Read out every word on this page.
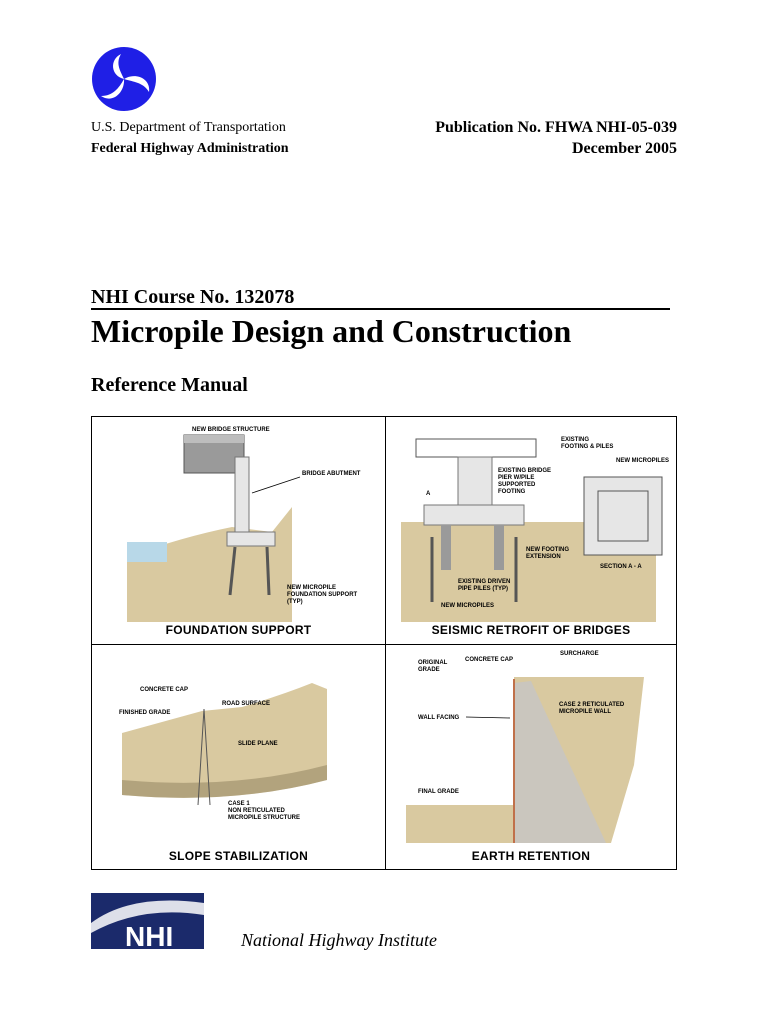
U.S. Department of Transportation
Federal Highway Administration
Publication No. FHWA NHI-05-039
December 2005
NHI Course No. 132078
Micropile Design and Construction
Reference Manual
NEW BRIDGE STRUCTURE
BRIDGE ABUTMENT
NEW MICROPILE
FOUNDATION SUPPORT
(TYP)
FOUNDATION SUPPORT
EXISTING
FOOTING & PILES
NEW MICROPILES
EXISTING BRIDGE
PIER W/PILE
SUPPORTED
FOOTING
A
NEW FOOTING
EXTENSION
EXISTING DRIVEN
PIPE PILES (TYP)
NEW MICROPILES
SECTION A - A
SEISMIC RETROFIT OF BRIDGES
CONCRETE CAP
ROAD SURFACE
FINISHED GRADE
SLIDE PLANE
CASE 1
NON RETICULATED
MICROPILE STRUCTURE
SLOPE STABILIZATION
SURCHARGE
ORIGINAL
GRADE
CONCRETE CAP
CASE 2 RETICULATED
MICROPILE WALL
WALL FACING
FINAL GRADE
EARTH RETENTION
NHI	National Highway Institute
